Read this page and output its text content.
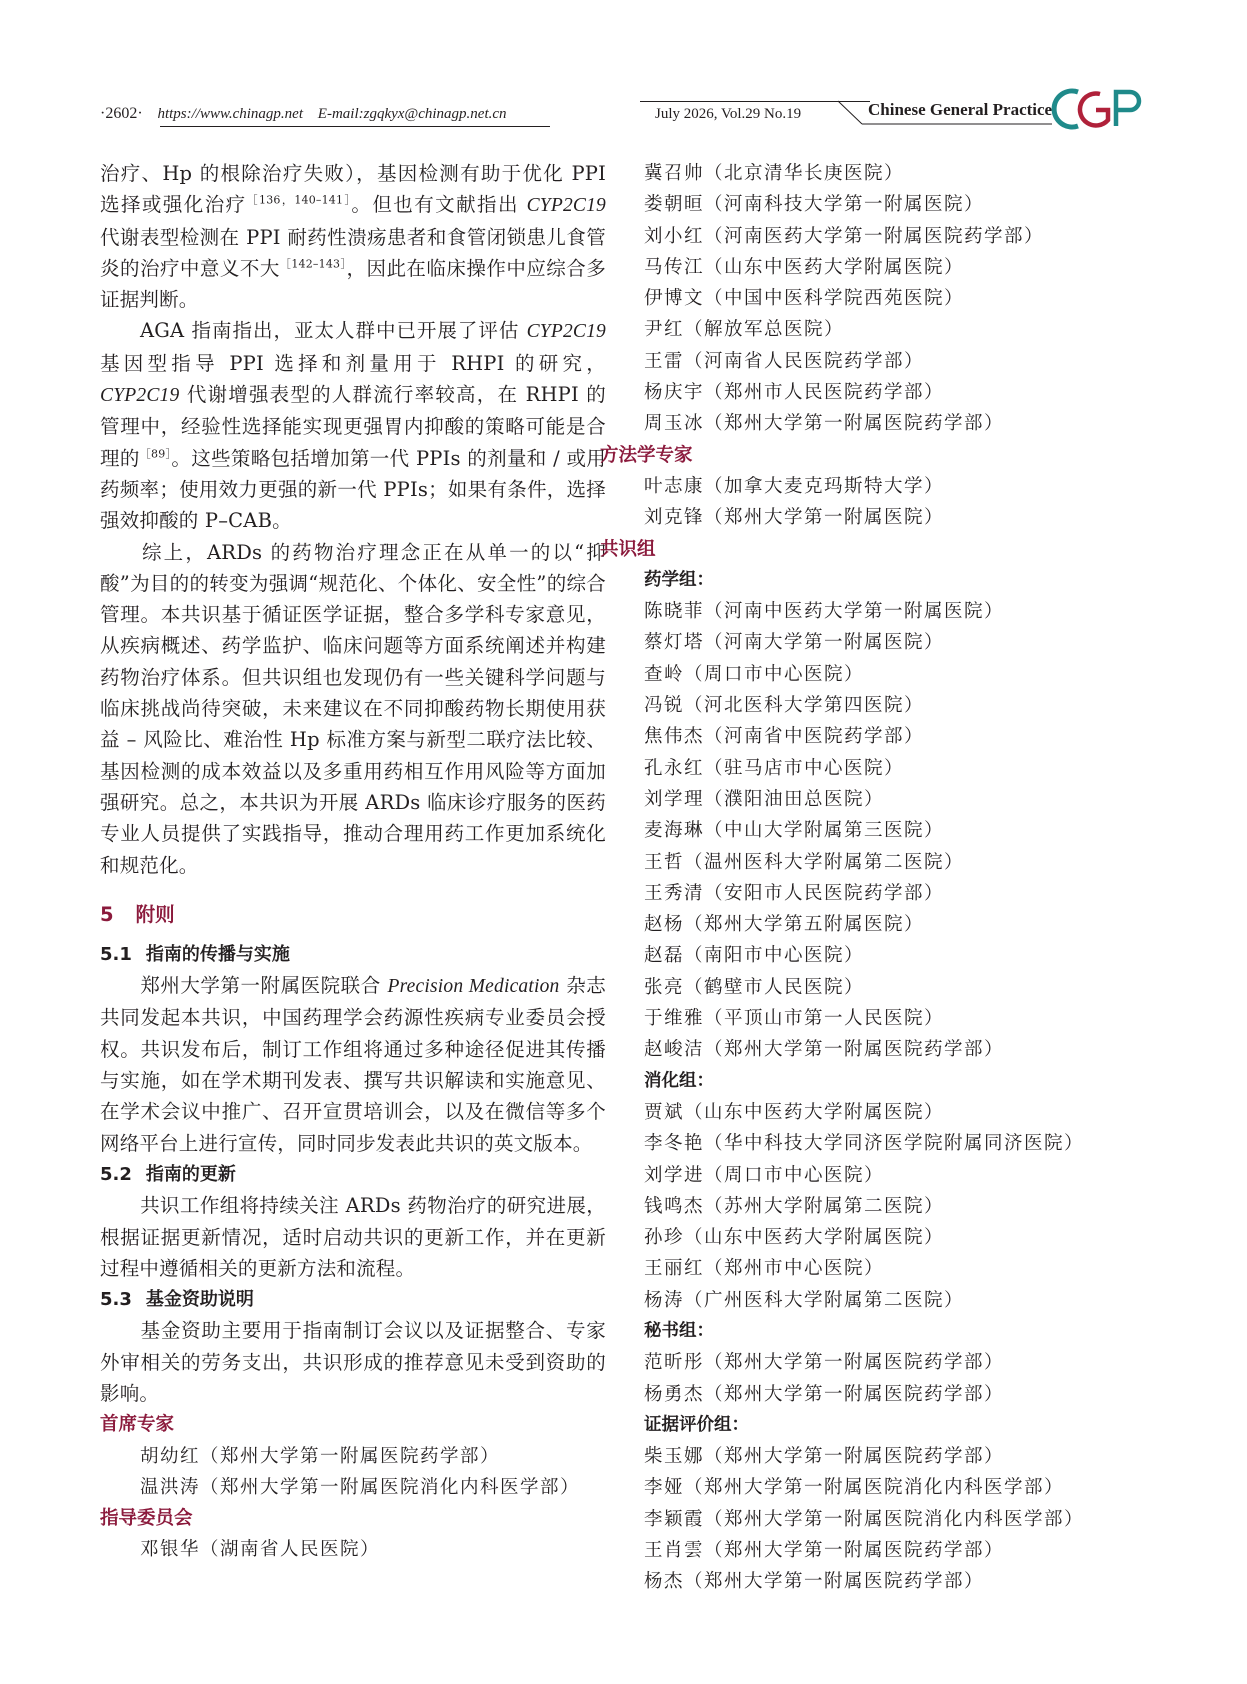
·2602· https://www.chinagp.net E-mail:zgqkyx@chinagp.net.cn	July 2026, Vol.29 No.19	Chinese General Practice

治疗、Hp 的根除治疗失败），基因检测有助于优化 PPI 选择或强化治疗$^{[136,140-141]}$。但也有文献指出 CYP2C19 代谢表型检测在 PPI 耐药性溃疡患者和食管闭锁患儿食管炎的治疗中意义不大$^{[142-143]}$，因此在临床操作中应综合多证据判断。

AGA 指南指出，亚太人群中已开展了评估 CYP2C19 基因型指导 PPI 选择和剂量用于 RHPI 的研究，CYP2C19 代谢增强表型的人群流行率较高，在 RHPI 的管理中，经验性选择能实现更强胃内抑酸的策略可能是合理的$^{[89]}$。这些策略包括增加第一代 PPIs 的剂量和 / 或用药频率；使用效力更强的新一代 PPIs；如果有条件，选择强效抑酸的 P–CAB。

综上，ARDs 的药物治疗理念正在从单一的以“抑酸”为目的的转变为强调“规范化、个体化、安全性”的综合管理。本共识基于循证医学证据，整合多学科专家意见，从疾病概述、药学监护、临床问题等方面系统阐述并构建药物治疗体系。但共识组也发现仍有一些关键科学问题与临床挑战尚待突破，未来建议在不同抑酸药物长期使用获益 – 风险比、难治性 Hp 标准方案与新型二联疗法比较、基因检测的成本效益以及多重用药相互作用风险等方面加强研究。总之，本共识为开展 ARDs 临床诊疗服务的医药专业人员提供了实践指导，推动合理用药工作更加系统化和规范化。

5 附则

5.1 指南的传播与实施

郑州大学第一附属医院联合 Precision Medication 杂志共同发起本共识，中国药理学会药源性疾病专业委员会授权。共识发布后，制订工作组将通过多种途径促进其传播与实施，如在学术期刊发表、撰写共识解读和实施意见、在学术会议中推广、召开宣贯培训会，以及在微信等多个网络平台上进行宣传，同时同步发表此共识的英文版本。

5.2 指南的更新

共识工作组将持续关注 ARDs 药物治疗的研究进展，根据证据更新情况，适时启动共识的更新工作，并在更新过程中遵循相关的更新方法和流程。

5.3 基金资助说明

基金资助主要用于指南制订会议以及证据整合、专家外审相关的劳务支出，共识形成的推荐意见未受到资助的影响。

首席专家
胡幼红（郑州大学第一附属医院药学部）
温洪涛（郑州大学第一附属医院消化内科医学部）
指导委员会
邓银华（湖南省人民医院）
冀召帅（北京清华长庚医院）
娄朝晅（河南科技大学第一附属医院）
刘小红（河南医药大学第一附属医院药学部）
马传江（山东中医药大学附属医院）
伊博文（中国中医科学院西苑医院）
尹红（解放军总医院）
王雷（河南省人民医院药学部）
杨庆宇（郑州市人民医院药学部）
周玉冰（郑州大学第一附属医院药学部）
方法学专家
叶志康（加拿大麦克玛斯特大学）
刘克锋（郑州大学第一附属医院）
共识组
药学组：
陈晓菲（河南中医药大学第一附属医院）
蔡灯塔（河南大学第一附属医院）
查岭（周口市中心医院）
冯锐（河北医科大学第四医院）
焦伟杰（河南省中医院药学部）
孔永红（驻马店市中心医院）
刘学理（濮阳油田总医院）
麦海琳（中山大学附属第三医院）
王哲（温州医科大学附属第二医院）
王秀清（安阳市人民医院药学部）
赵杨（郑州大学第五附属医院）
赵磊（南阳市中心医院）
张亮（鹤壁市人民医院）
于维雅（平顶山市第一人民医院）
赵峻洁（郑州大学第一附属医院药学部）
消化组：
贾斌（山东中医药大学附属医院）
李冬艳（华中科技大学同济医学院附属同济医院）
刘学进（周口市中心医院）
钱鸣杰（苏州大学附属第二医院）
孙珍（山东中医药大学附属医院）
王丽红（郑州市中心医院）
杨涛（广州医科大学附属第二医院）
秘书组：
范昕彤（郑州大学第一附属医院药学部）
杨勇杰（郑州大学第一附属医院药学部）
证据评价组：
柴玉娜（郑州大学第一附属医院药学部）
李娅（郑州大学第一附属医院消化内科医学部）
李颖霞（郑州大学第一附属医院消化内科医学部）
王肖雲（郑州大学第一附属医院药学部）
杨杰（郑州大学第一附属医院药学部）
